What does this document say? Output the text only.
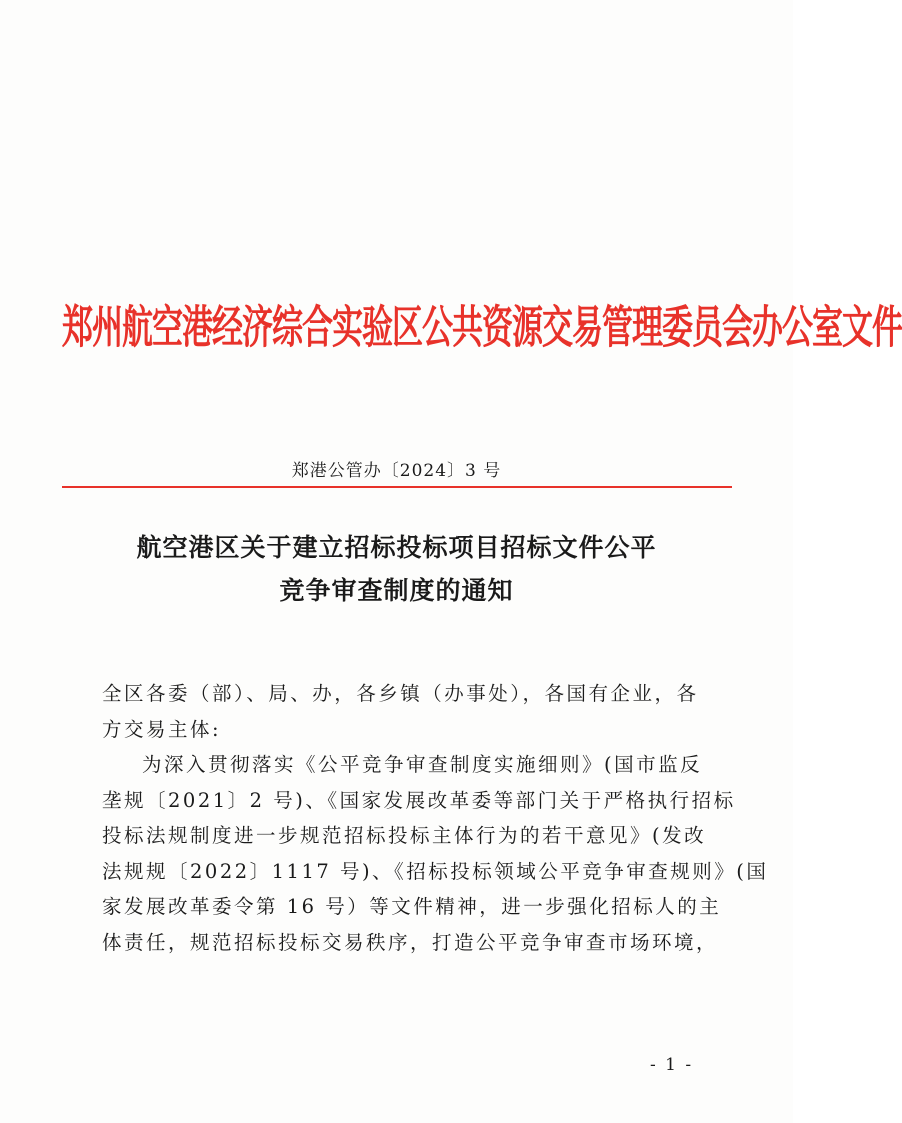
郑州航空港经济综合实验区公共资源交易管理委员会办公室文件
郑港公管办〔2024〕3 号
航空港区关于建立招标投标项目招标文件公平
竞争审查制度的通知
全区各委（部）、局、办，各乡镇（办事处），各国有企业，各
方交易主体:
为深入贯彻落实《公平竞争审查制度实施细则》(国市监反
垄规〔2021〕2 号)、《国家发展改革委等部门关于严格执行招标
投标法规制度进一步规范招标投标主体行为的若干意见》(发改
法规规〔2022〕1117 号)、《招标投标领域公平竞争审查规则》(国
家发展改革委令第 16 号）等文件精神，进一步强化招标人的主
体责任，规范招标投标交易秩序，打造公平竞争审查市场环境，
- 1 -
